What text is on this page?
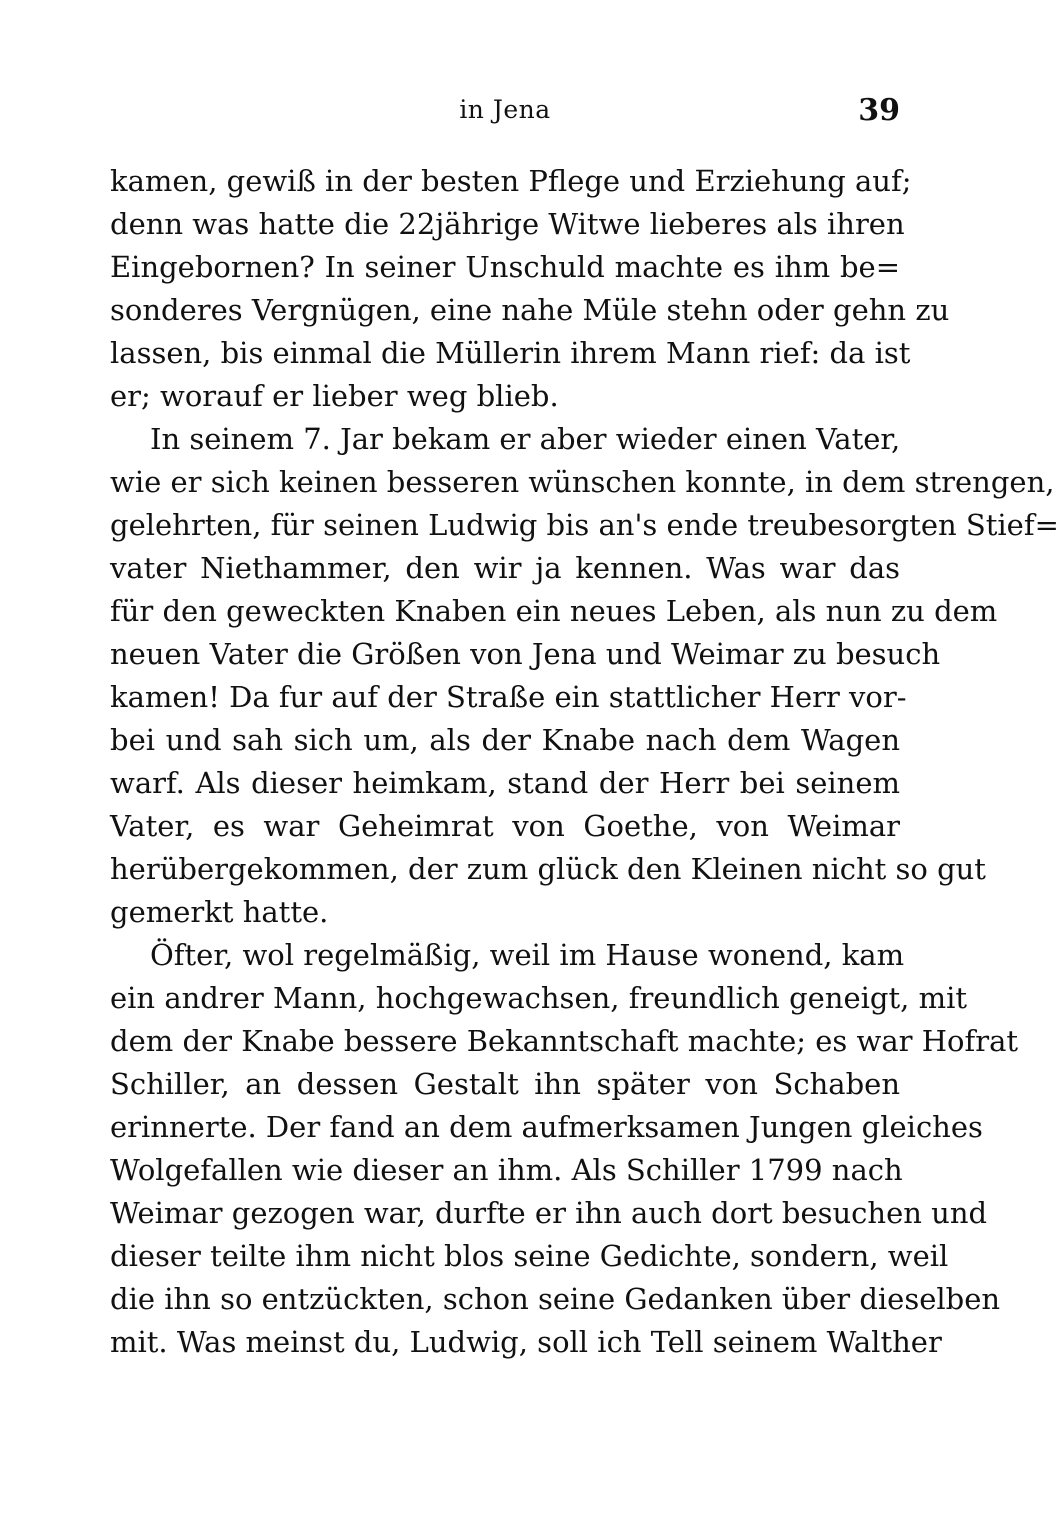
in Jena	39
kamen, gewiß in der besten Pflege und Erziehung auf;
denn was hatte die 22jährige Witwe lieberes als ihren
Eingebornen? In seiner Unschuld machte es ihm be=
sonderes Vergnügen, eine nahe Müle stehn oder gehn zu
lassen, bis einmal die Müllerin ihrem Mann rief: da ist
er; worauf er lieber weg blieb.
In seinem 7. Jar bekam er aber wieder einen Vater,
wie er sich keinen besseren wünschen konnte, in dem strengen,
gelehrten, für seinen Ludwig bis an's ende treubesorgten Stief=
vater Niethammer, den wir ja kennen. Was war das
für den geweckten Knaben ein neues Leben, als nun zu dem
neuen Vater die Größen von Jena und Weimar zu besuch
kamen! Da fur auf der Straße ein stattlicher Herr vor-
bei und sah sich um, als der Knabe nach dem Wagen
warf. Als dieser heimkam, stand der Herr bei seinem
Vater, es war Geheimrat von Goethe, von Weimar
herübergekommen, der zum glück den Kleinen nicht so gut
gemerkt hatte.
Öfter, wol regelmäßig, weil im Hause wonend, kam
ein andrer Mann, hochgewachsen, freundlich geneigt, mit
dem der Knabe bessere Bekanntschaft machte; es war Hofrat
Schiller, an dessen Gestalt ihn später von Schaben
erinnerte. Der fand an dem aufmerksamen Jungen gleiches
Wolgefallen wie dieser an ihm. Als Schiller 1799 nach
Weimar gezogen war, durfte er ihn auch dort besuchen und
dieser teilte ihm nicht blos seine Gedichte, sondern, weil
die ihn so entzückten, schon seine Gedanken über dieselben
mit. Was meinst du, Ludwig, soll ich Tell seinem Walther
